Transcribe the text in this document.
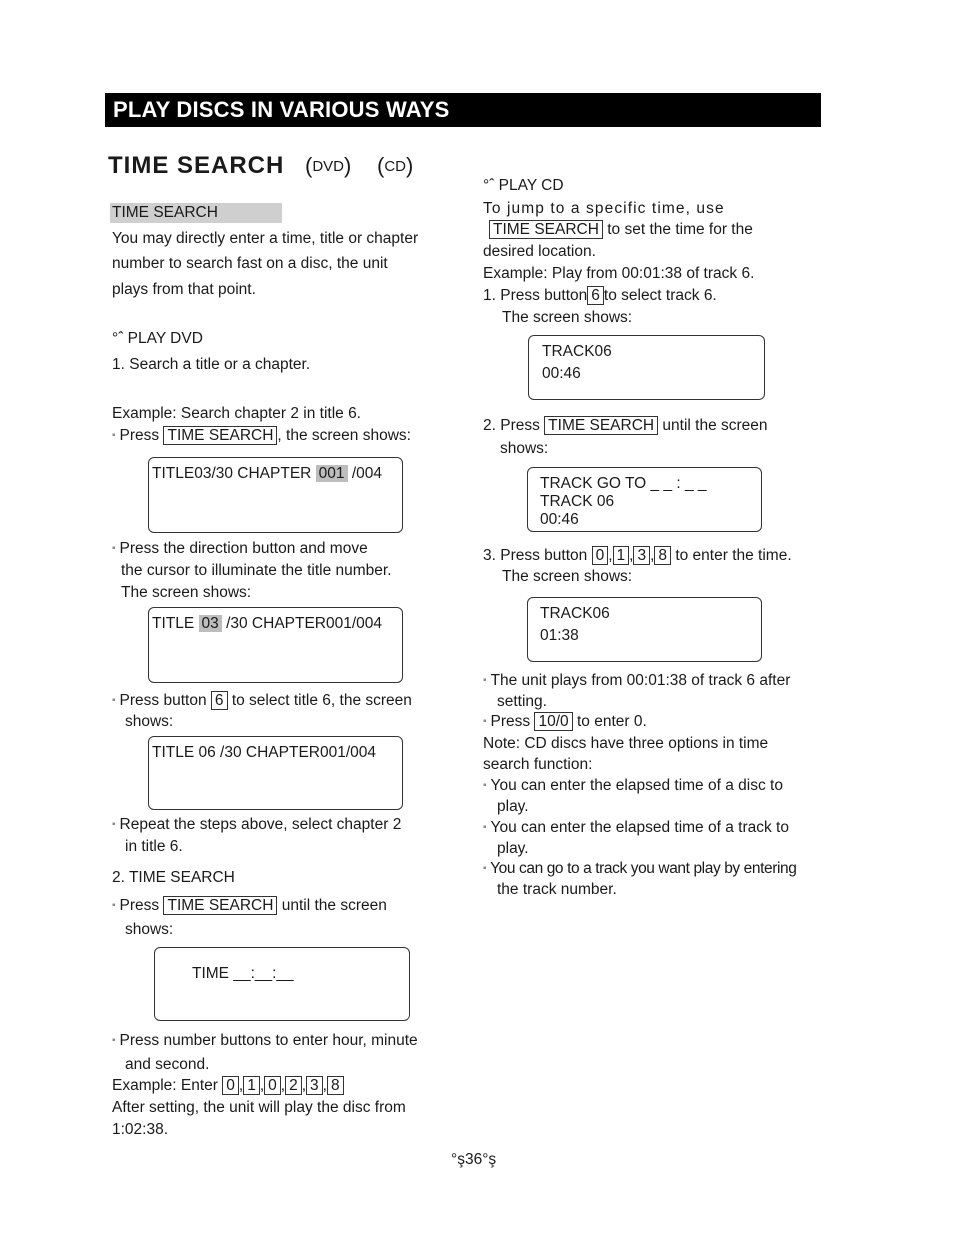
PLAY DISCS IN VARIOUS WAYS
TIME SEARCH (DVD) (CD)
TIME SEARCH
You may directly enter a time, title or chapter
number to search fast on a disc, the unit
plays from that point.
°ˆ PLAY DVD
1. Search a title or a chapter.
Example: Search chapter 2 in title 6.
▪ Press TIME SEARCH , the screen shows:
TITLE03/30 CHAPTER 001 /004
▪ Press the direction button and move
the cursor to illuminate the title number.
The screen shows:
TITLE 03 /30 CHAPTER001/004
▪ Press button 6 to select title 6, the screen
shows:
TITLE 06 /30 CHAPTER001/004
▪ Repeat the steps above, select chapter 2
in title 6.
2. TIME SEARCH
▪ Press TIME SEARCH until the screen
shows:
TIME __:__:__
▪ Press number buttons to enter hour, minute
and second.
Example: Enter 0 , 1 , 0 , 2 , 3 , 8
After setting, the unit will play the disc from
1:02:38.
°ˆ PLAY CD
To jump to a specific time, use
TIME SEARCH to set the time for the
desired location.
Example: Play from 00:01:38 of track 6.
1. Press button 6 to select track 6.
The screen shows:
TRACK06
00:46
2. Press TIME SEARCH until the screen
shows:
TRACK GO TO _ _ : _ _
TRACK 06
00:46
3. Press button 0 , 1 , 3 , 8 to enter the time.
The screen shows:
TRACK06
01:38
▪ The unit plays from 00:01:38 of track 6 after
setting.
▪ Press 10/0 to enter 0.
Note: CD discs have three options in time
search function:
▪ You can enter the elapsed time of a disc to
play.
▪ You can enter the elapsed time of a track to
play.
▪ You can go to a track you want play by entering
the track number.
°ş36°ş
